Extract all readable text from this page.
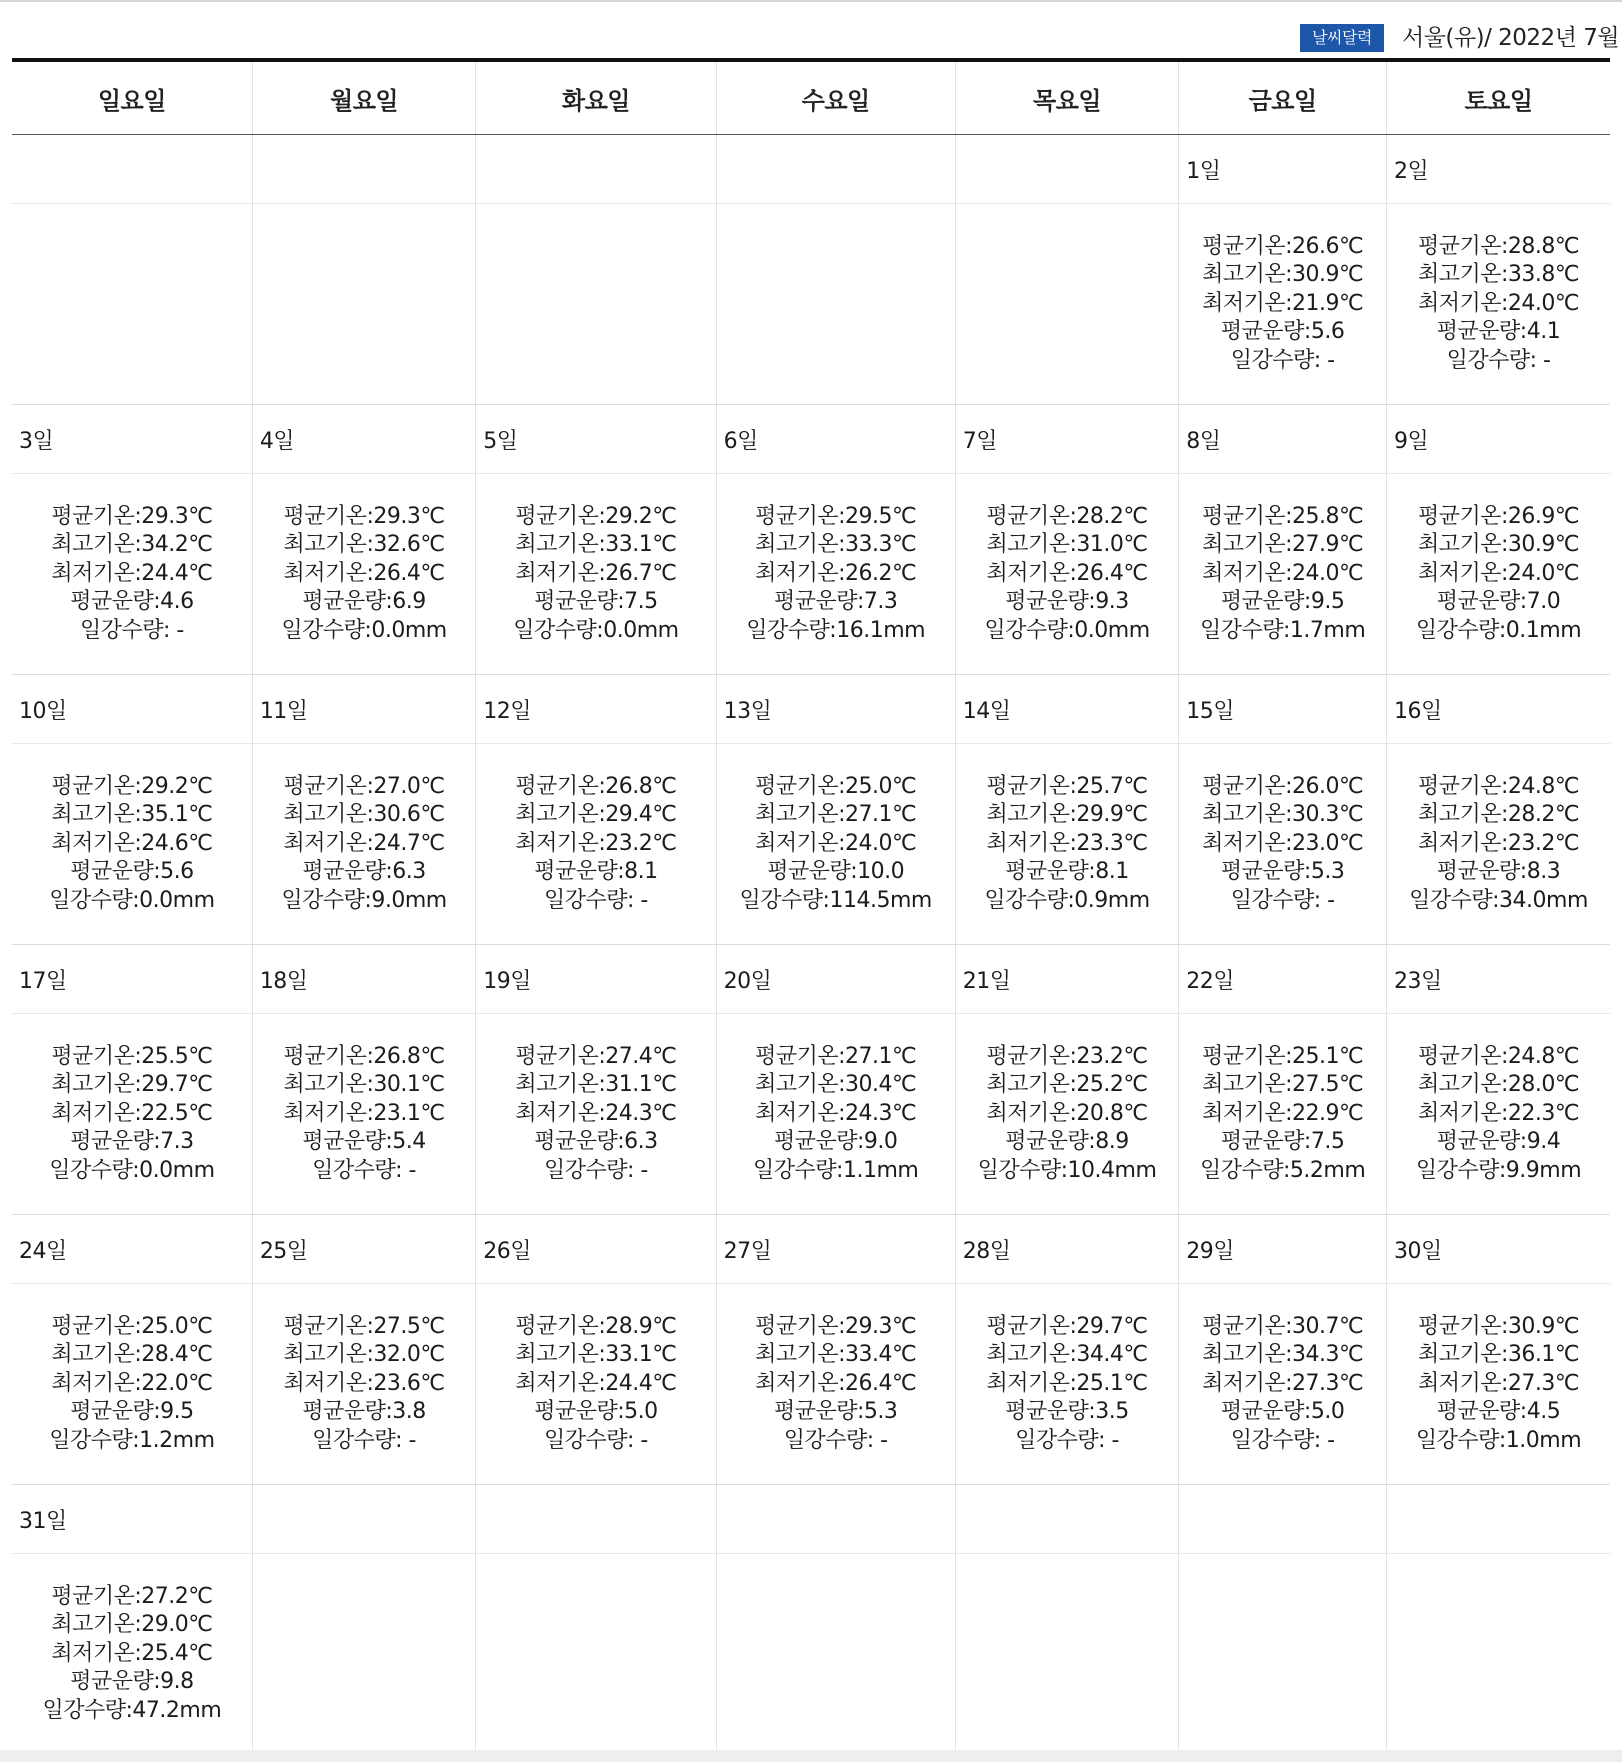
날씨달력	서울(유)/ 2022년 7월
일요일	월요일	화요일	수요일	목요일	금요일	토요일
					1일	2일

					평균기온:26.6℃
최고기온:30.9℃
최저기온:21.9℃
평균운량:5.6
일강수량: -	평균기온:28.8℃
최고기온:33.8℃
최저기온:24.0℃
평균운량:4.1
일강수량: -

3일	4일	5일	6일	7일	8일	9일

평균기온:29.3℃
최고기온:34.2℃
최저기온:24.4℃
평균운량:4.6
일강수량: -	평균기온:29.3℃
최고기온:32.6℃
최저기온:26.4℃
평균운량:6.9
일강수량:0.0mm	평균기온:29.2℃
최고기온:33.1℃
최저기온:26.7℃
평균운량:7.5
일강수량:0.0mm	평균기온:29.5℃
최고기온:33.3℃
최저기온:26.2℃
평균운량:7.3
일강수량:16.1mm	평균기온:28.2℃
최고기온:31.0℃
최저기온:26.4℃
평균운량:9.3
일강수량:0.0mm	평균기온:25.8℃
최고기온:27.9℃
최저기온:24.0℃
평균운량:9.5
일강수량:1.7mm	평균기온:26.9℃
최고기온:30.9℃
최저기온:24.0℃
평균운량:7.0
일강수량:0.1mm

10일	11일	12일	13일	14일	15일	16일

평균기온:29.2℃
최고기온:35.1℃
최저기온:24.6℃
평균운량:5.6
일강수량:0.0mm	평균기온:27.0℃
최고기온:30.6℃
최저기온:24.7℃
평균운량:6.3
일강수량:9.0mm	평균기온:26.8℃
최고기온:29.4℃
최저기온:23.2℃
평균운량:8.1
일강수량: -	평균기온:25.0℃
최고기온:27.1℃
최저기온:24.0℃
평균운량:10.0
일강수량:114.5mm	평균기온:25.7℃
최고기온:29.9℃
최저기온:23.3℃
평균운량:8.1
일강수량:0.9mm	평균기온:26.0℃
최고기온:30.3℃
최저기온:23.0℃
평균운량:5.3
일강수량: -	평균기온:24.8℃
최고기온:28.2℃
최저기온:23.2℃
평균운량:8.3
일강수량:34.0mm

17일	18일	19일	20일	21일	22일	23일

평균기온:25.5℃
최고기온:29.7℃
최저기온:22.5℃
평균운량:7.3
일강수량:0.0mm	평균기온:26.8℃
최고기온:30.1℃
최저기온:23.1℃
평균운량:5.4
일강수량: -	평균기온:27.4℃
최고기온:31.1℃
최저기온:24.3℃
평균운량:6.3
일강수량: -	평균기온:27.1℃
최고기온:30.4℃
최저기온:24.3℃
평균운량:9.0
일강수량:1.1mm	평균기온:23.2℃
최고기온:25.2℃
최저기온:20.8℃
평균운량:8.9
일강수량:10.4mm	평균기온:25.1℃
최고기온:27.5℃
최저기온:22.9℃
평균운량:7.5
일강수량:5.2mm	평균기온:24.8℃
최고기온:28.0℃
최저기온:22.3℃
평균운량:9.4
일강수량:9.9mm

24일	25일	26일	27일	28일	29일	30일

평균기온:25.0℃
최고기온:28.4℃
최저기온:22.0℃
평균운량:9.5
일강수량:1.2mm	평균기온:27.5℃
최고기온:32.0℃
최저기온:23.6℃
평균운량:3.8
일강수량: -	평균기온:28.9℃
최고기온:33.1℃
최저기온:24.4℃
평균운량:5.0
일강수량: -	평균기온:29.3℃
최고기온:33.4℃
최저기온:26.4℃
평균운량:5.3
일강수량: -	평균기온:29.7℃
최고기온:34.4℃
최저기온:25.1℃
평균운량:3.5
일강수량: -	평균기온:30.7℃
최고기온:34.3℃
최저기온:27.3℃
평균운량:5.0
일강수량: -	평균기온:30.9℃
최고기온:36.1℃
최저기온:27.3℃
평균운량:4.5
일강수량:1.0mm

31일						

평균기온:27.2℃
최고기온:29.0℃
최저기온:25.4℃
평균운량:9.8
일강수량:47.2mm						
